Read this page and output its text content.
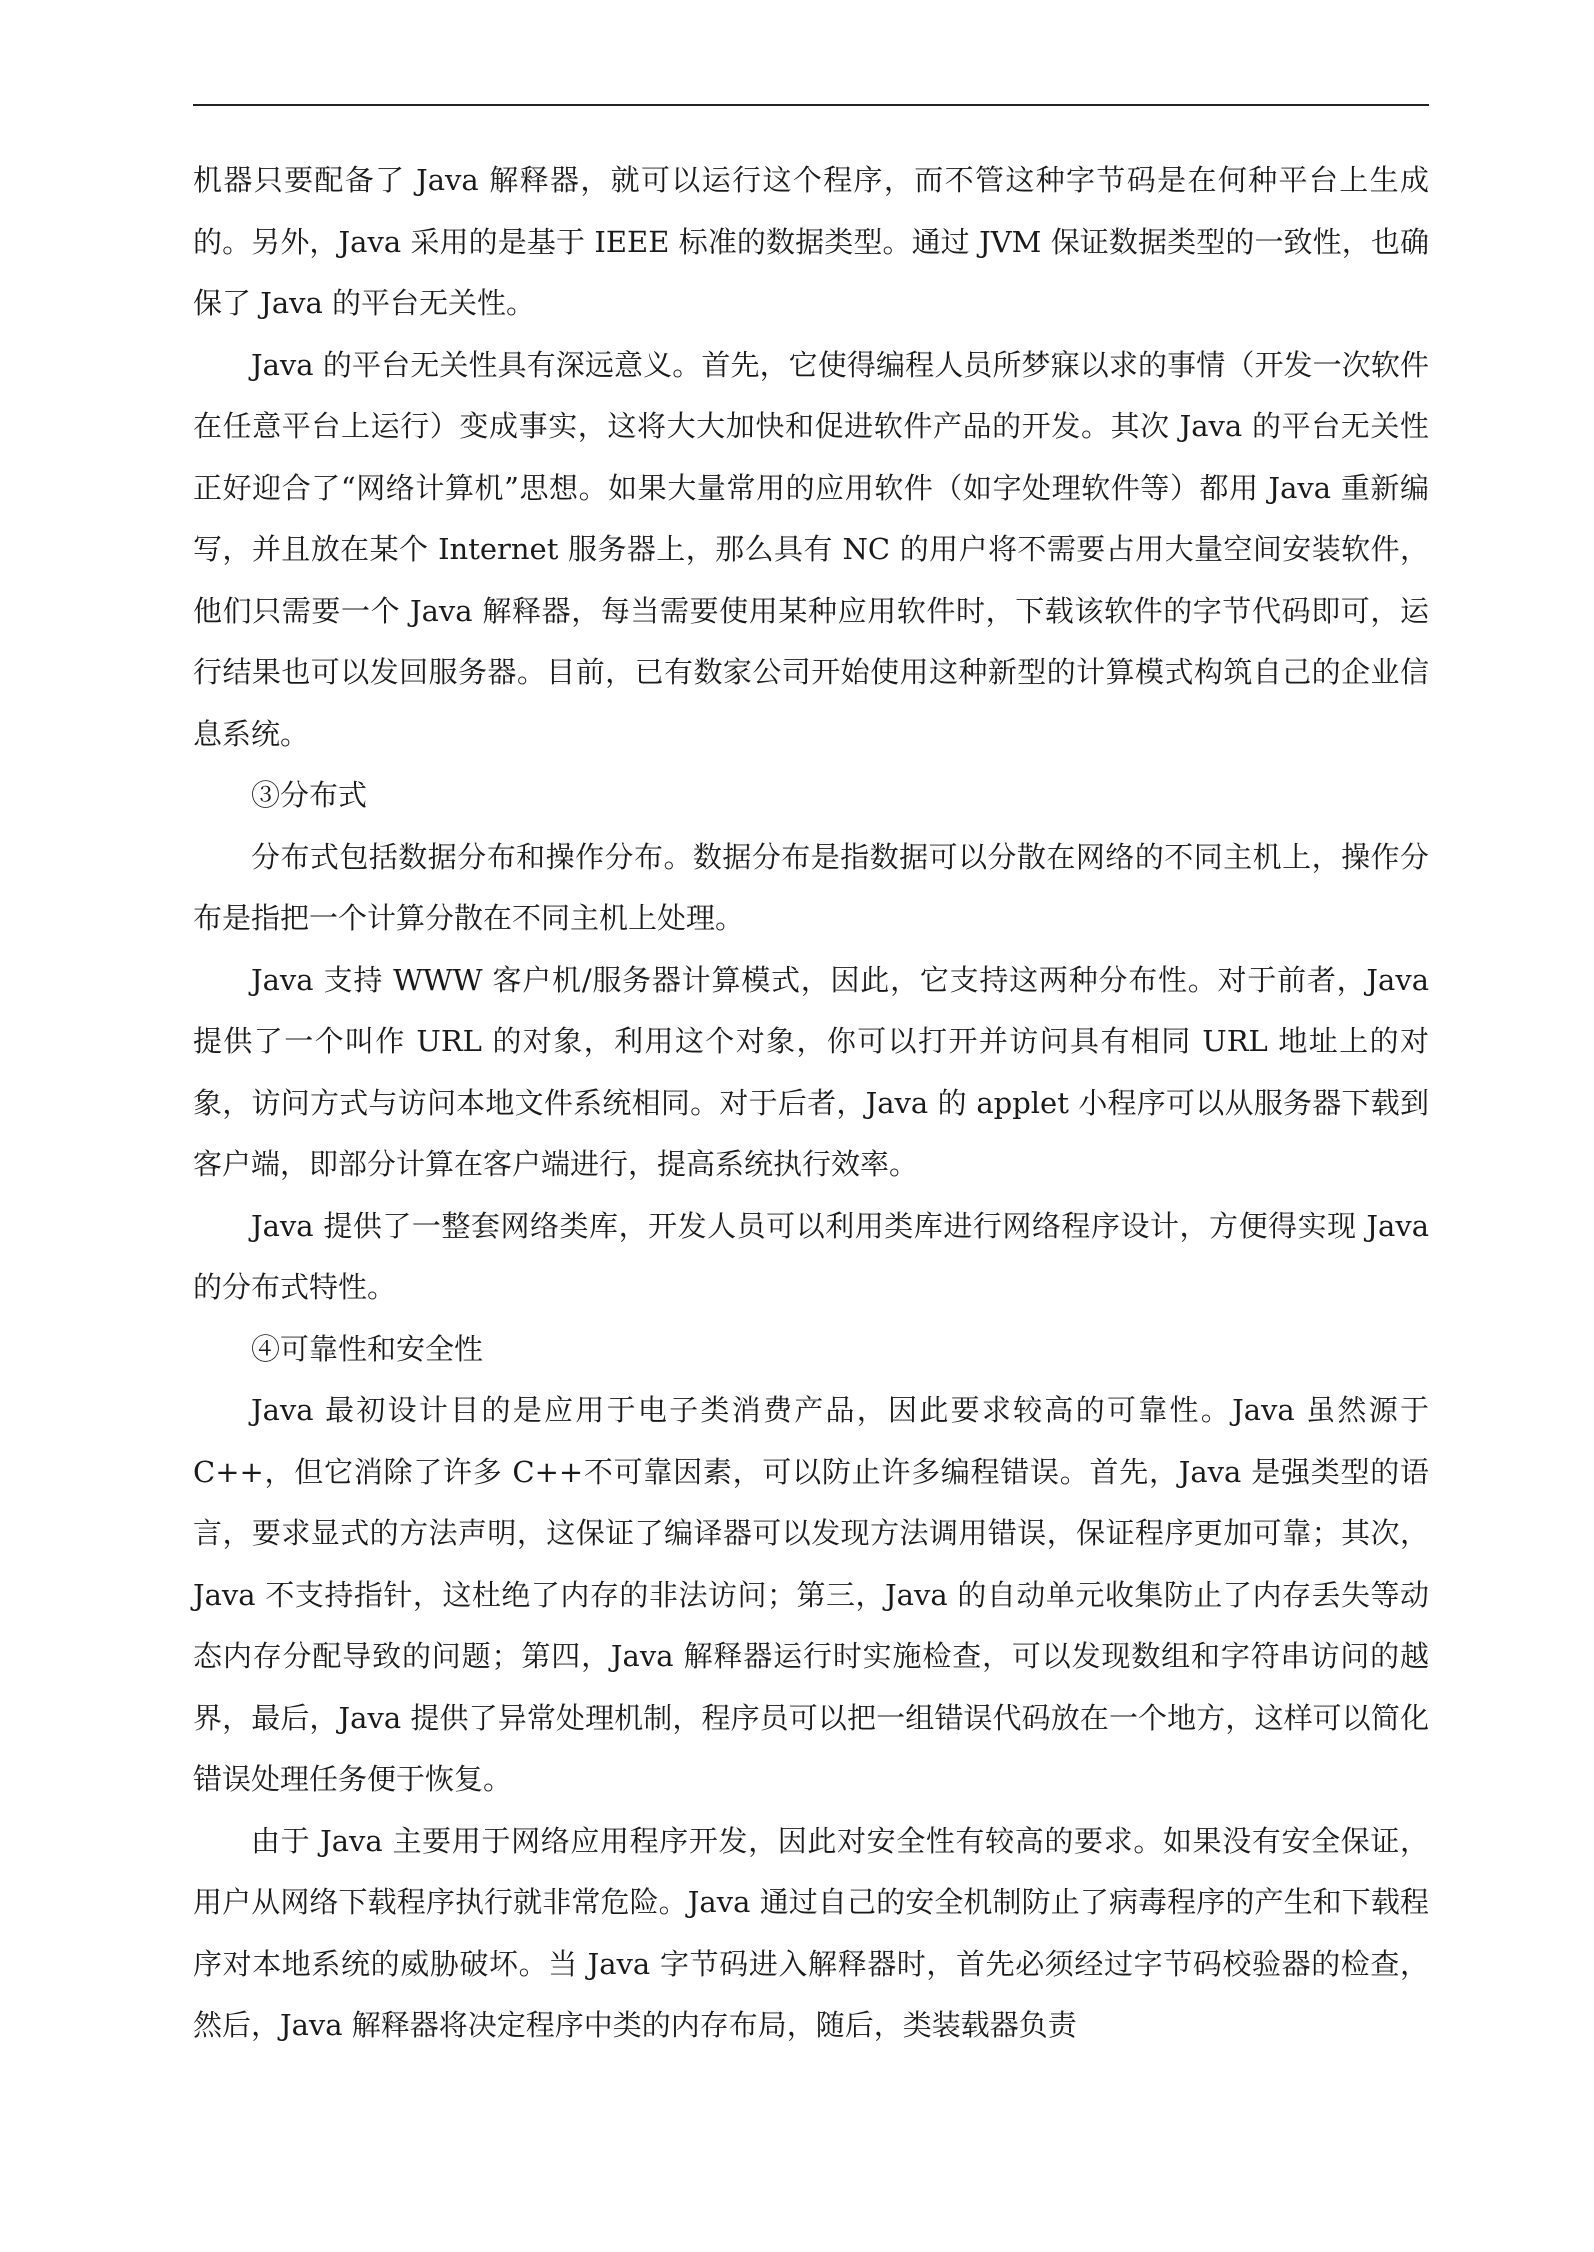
机器只要配备了 Java 解释器，就可以运行这个程序，而不管这种字节码是在何种平台上生成的。另外，Java 采用的是基于 IEEE 标准的数据类型。通过 JVM 保证数据类型的一致性，也确保了 Java 的平台无关性。

Java 的平台无关性具有深远意义。首先，它使得编程人员所梦寐以求的事情（开发一次软件在任意平台上运行）变成事实，这将大大加快和促进软件产品的开发。其次 Java 的平台无关性正好迎合了“网络计算机”思想。如果大量常用的应用软件（如字处理软件等）都用 Java 重新编写，并且放在某个 Internet 服务器上，那么具有 NC 的用户将不需要占用大量空间安装软件，他们只需要一个 Java 解释器，每当需要使用某种应用软件时，下载该软件的字节代码即可，运行结果也可以发回服务器。目前，已有数家公司开始使用这种新型的计算模式构筑自己的企业信息系统。

③分布式

分布式包括数据分布和操作分布。数据分布是指数据可以分散在网络的不同主机上，操作分布是指把一个计算分散在不同主机上处理。

Java 支持 WWW 客户机/服务器计算模式，因此，它支持这两种分布性。对于前者，Java 提供了一个叫作 URL 的对象，利用这个对象，你可以打开并访问具有相同 URL 地址上的对象，访问方式与访问本地文件系统相同。对于后者，Java 的 applet 小程序可以从服务器下载到客户端，即部分计算在客户端进行，提高系统执行效率。

Java 提供了一整套网络类库，开发人员可以利用类库进行网络程序设计，方便得实现 Java 的分布式特性。

④可靠性和安全性

Java 最初设计目的是应用于电子类消费产品，因此要求较高的可靠性。Java 虽然源于 C++，但它消除了许多 C++不可靠因素，可以防止许多编程错误。首先，Java 是强类型的语言，要求显式的方法声明，这保证了编译器可以发现方法调用错误，保证程序更加可靠；其次，Java 不支持指针，这杜绝了内存的非法访问；第三，Java 的自动单元收集防止了内存丢失等动态内存分配导致的问题；第四，Java 解释器运行时实施检查，可以发现数组和字符串访问的越界，最后，Java 提供了异常处理机制，程序员可以把一组错误代码放在一个地方，这样可以简化错误处理任务便于恢复。

由于 Java 主要用于网络应用程序开发，因此对安全性有较高的要求。如果没有安全保证，用户从网络下载程序执行就非常危险。Java 通过自己的安全机制防止了病毒程序的产生和下载程序对本地系统的威胁破坏。当 Java 字节码进入解释器时，首先必须经过字节码校验器的检查，然后，Java 解释器将决定程序中类的内存布局，随后，类装载器负责
